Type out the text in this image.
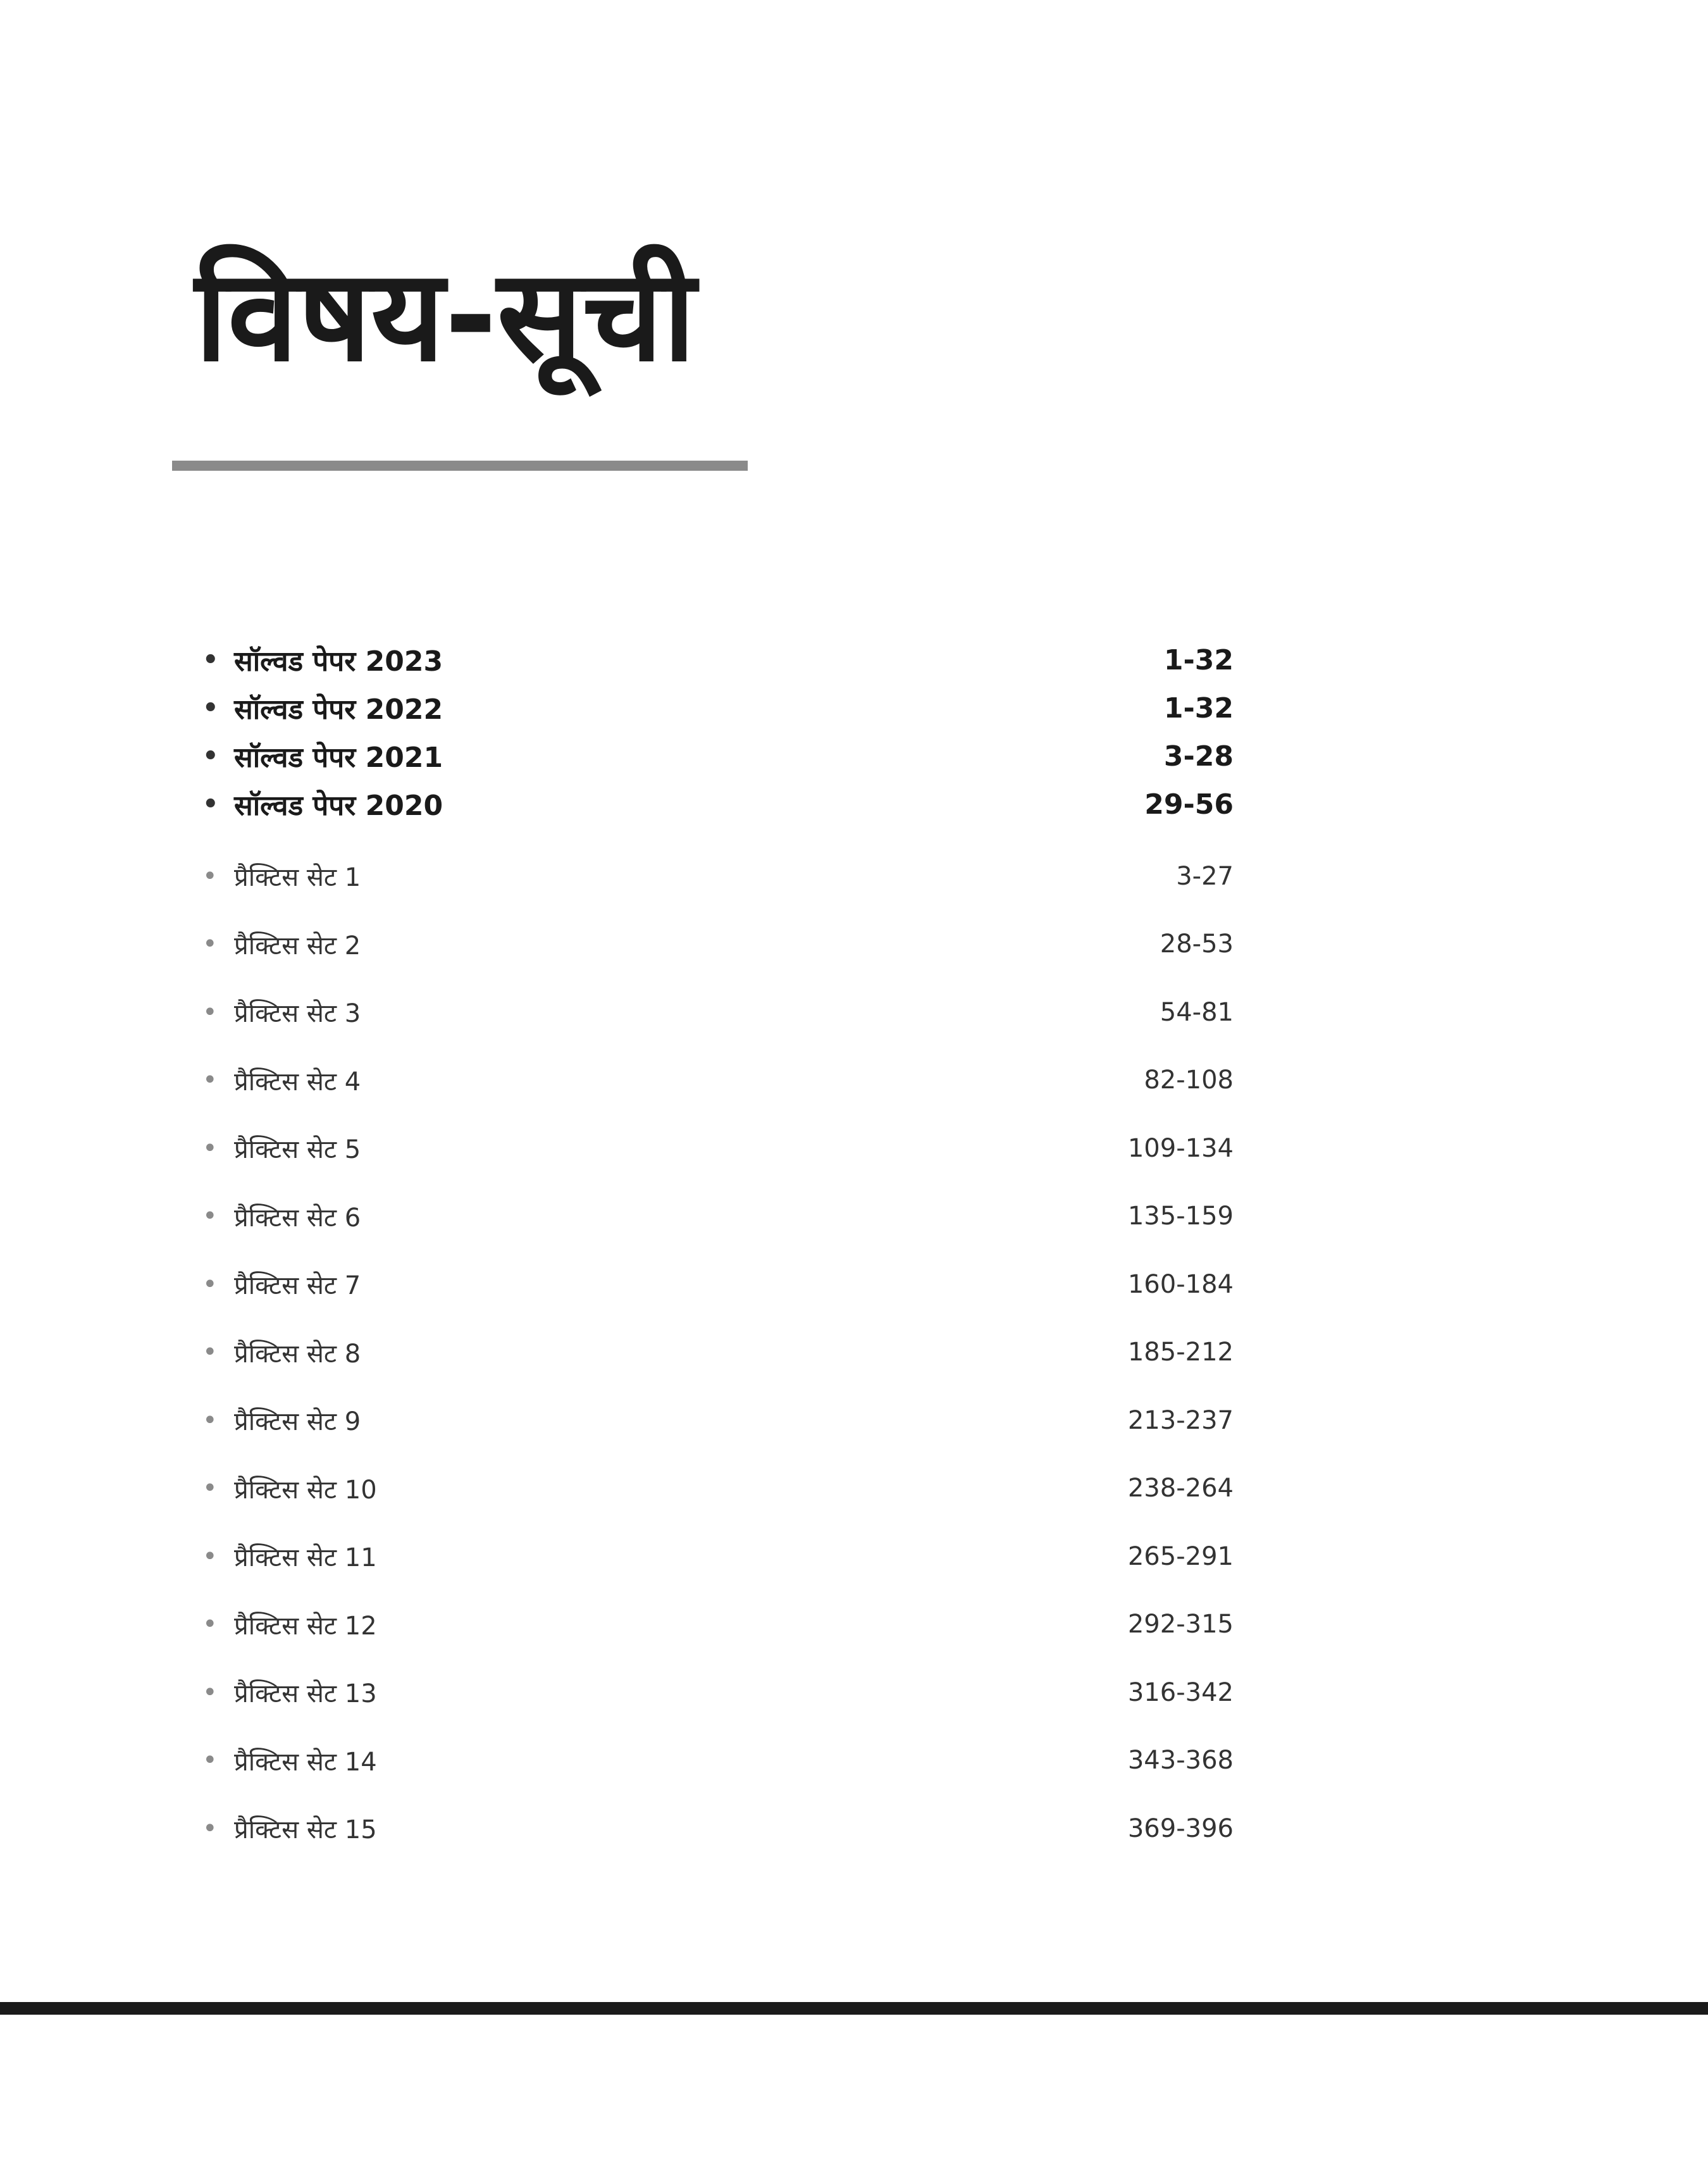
विषय-सूची
• सॉल्वड पेपर 2023	1-32
• सॉल्वड पेपर 2022	1-32
• सॉल्वड पेपर 2021	3-28
• सॉल्वड पेपर 2020	29-56
• प्रैक्टिस सेट 1	3-27
• प्रैक्टिस सेट 2	28-53
• प्रैक्टिस सेट 3	54-81
• प्रैक्टिस सेट 4	82-108
• प्रैक्टिस सेट 5	109-134
• प्रैक्टिस सेट 6	135-159
• प्रैक्टिस सेट 7	160-184
• प्रैक्टिस सेट 8	185-212
• प्रैक्टिस सेट 9	213-237
• प्रैक्टिस सेट 10	238-264
• प्रैक्टिस सेट 11	265-291
• प्रैक्टिस सेट 12	292-315
• प्रैक्टिस सेट 13	316-342
• प्रैक्टिस सेट 14	343-368
• प्रैक्टिस सेट 15	369-396
